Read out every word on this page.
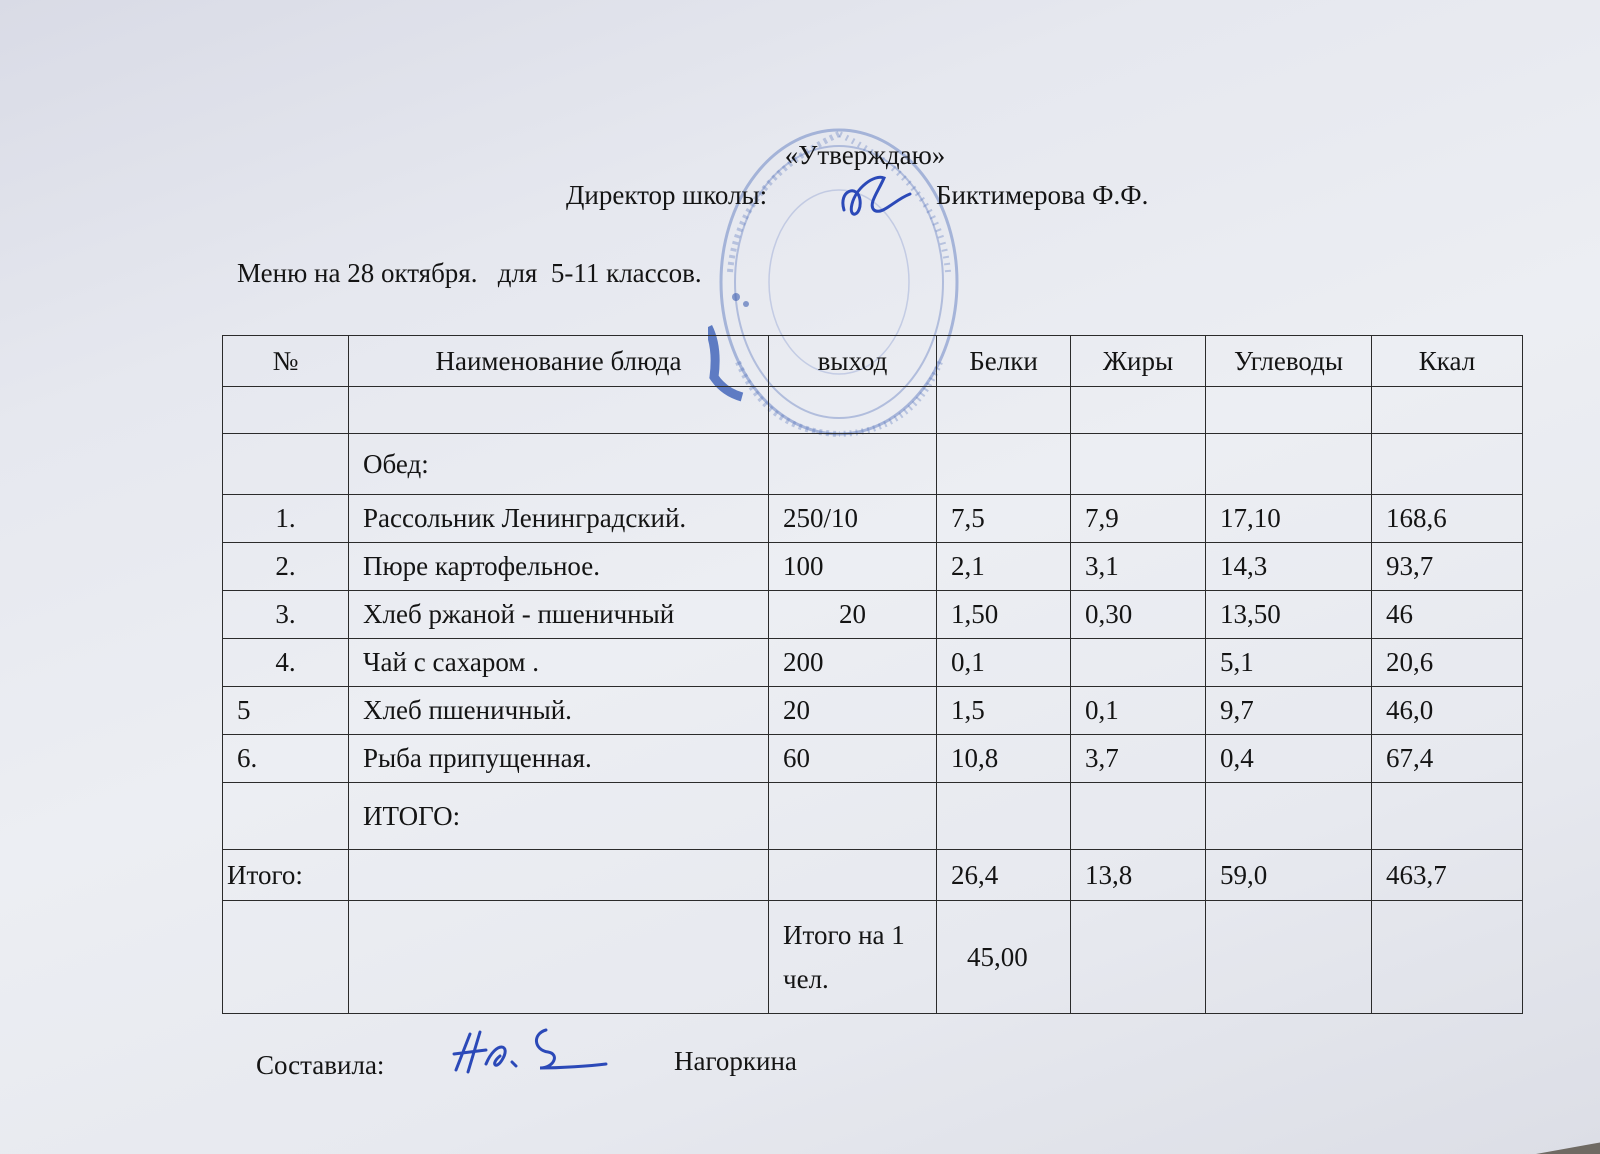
«Утверждаю»
Директор школы:	Биктимерова Ф.Ф.
Меню на 28 октября.   для  5-11 классов.
№	Наименование блюда	выход	Белки	Жиры	Углеводы	Ккал

	Обед:					
1.	Рассольник Ленинградский.	250/10	7,5	7,9	17,10	168,6
2.	Пюре картофельное.	100	2,1	3,1	14,3	93,7
3.	Хлеб ржаной - пшеничный	20	1,50	0,30	13,50	46
4.	Чай с сахаром .	200	0,1		5,1	20,6
5	Хлеб пшеничный.	20	1,5	0,1	9,7	46,0
6.	Рыба припущенная.	60	10,8	3,7	0,4	67,4
	ИТОГО:					
Итого:			26,4	13,8	59,0	463,7
		Итого на 1 чел.	45,00			
Составила:	Нагоркина
